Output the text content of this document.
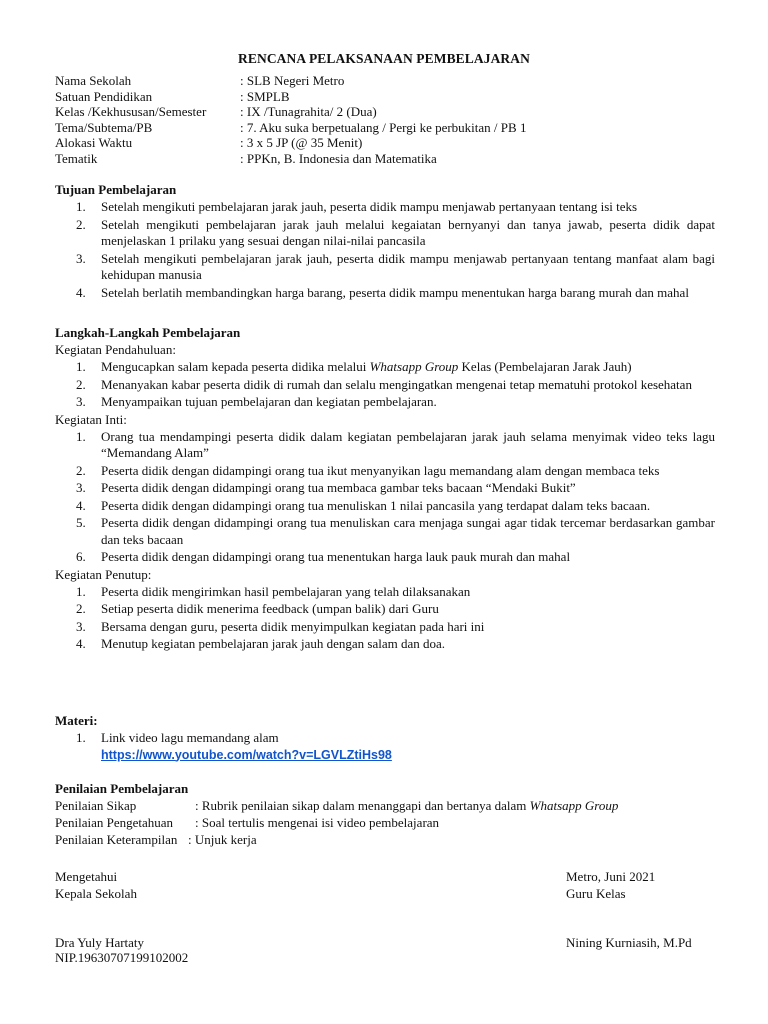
RENCANA PELAKSANAAN PEMBELAJARAN
Nama Sekolah	: SLB Negeri Metro
Satuan Pendidikan	: SMPLB
Kelas /Kekhususan/Semester	: IX /Tunagrahita/ 2 (Dua)
Tema/Subtema/PB	: 7. Aku suka berpetualang / Pergi ke perbukitan / PB 1
Alokasi Waktu	: 3 x 5 JP (@ 35 Menit)
Tematik	: PPKn, B. Indonesia dan Matematika
Tujuan Pembelajaran
1. Setelah mengikuti pembelajaran jarak jauh, peserta didik mampu menjawab pertanyaan tentang isi teks
2. Setelah mengikuti pembelajaran jarak jauh melalui kegaiatan bernyanyi dan tanya jawab, peserta didik dapat menjelaskan 1 prilaku yang sesuai dengan nilai-nilai pancasila
3. Setelah mengikuti pembelajaran jarak jauh, peserta didik mampu menjawab pertanyaan tentang manfaat alam bagi kehidupan manusia
4. Setelah berlatih membandingkan harga barang, peserta didik mampu menentukan harga barang murah dan mahal
Langkah-Langkah Pembelajaran
Kegiatan Pendahuluan:
1. Mengucapkan salam kepada peserta didika melalui Whatsapp Group Kelas (Pembelajaran Jarak Jauh)
2. Menanyakan kabar peserta didik di rumah dan selalu mengingatkan mengenai tetap mematuhi protokol kesehatan
3. Menyampaikan tujuan pembelajaran dan kegiatan pembelajaran.
Kegiatan Inti:
1. Orang tua mendampingi peserta didik dalam kegiatan pembelajaran jarak jauh selama menyimak video teks lagu “Memandang Alam”
2. Peserta didik dengan didampingi orang tua ikut menyanyikan lagu memandang alam dengan membaca teks
3. Peserta didik dengan didampingi orang tua membaca gambar teks bacaan “Mendaki Bukit”
4. Peserta didik dengan didampingi orang tua menuliskan 1 nilai pancasila yang terdapat dalam teks bacaan.
5. Peserta didik dengan didampingi orang tua menuliskan cara menjaga sungai agar tidak tercemar berdasarkan gambar dan teks bacaan
6. Peserta didik dengan didampingi orang tua menentukan harga lauk pauk murah dan mahal
Kegiatan Penutup:
1. Peserta didik mengirimkan hasil pembelajaran yang telah dilaksanakan
2. Setiap peserta didik menerima feedback (umpan balik) dari Guru
3. Bersama dengan guru, peserta didik menyimpulkan kegiatan pada hari ini
4. Menutup kegiatan pembelajaran jarak jauh dengan salam dan doa.
Materi:
1. Link video lagu memandang alam
https://www.youtube.com/watch?v=LGVLZtiHs98
Penilaian Pembelajaran
Penilaian Sikap	: Rubrik penilaian sikap dalam menanggapi dan bertanya dalam Whatsapp Group
Penilaian Pengetahuan : Soal tertulis mengenai isi video pembelajaran
Penilaian Keterampilan : Unjuk kerja
Mengetahui
Kepala Sekolah
Dra Yuly Hartaty
NIP.19630707199102002
Metro, Juni 2021
Guru Kelas
Nining Kurniasih, M.Pd
